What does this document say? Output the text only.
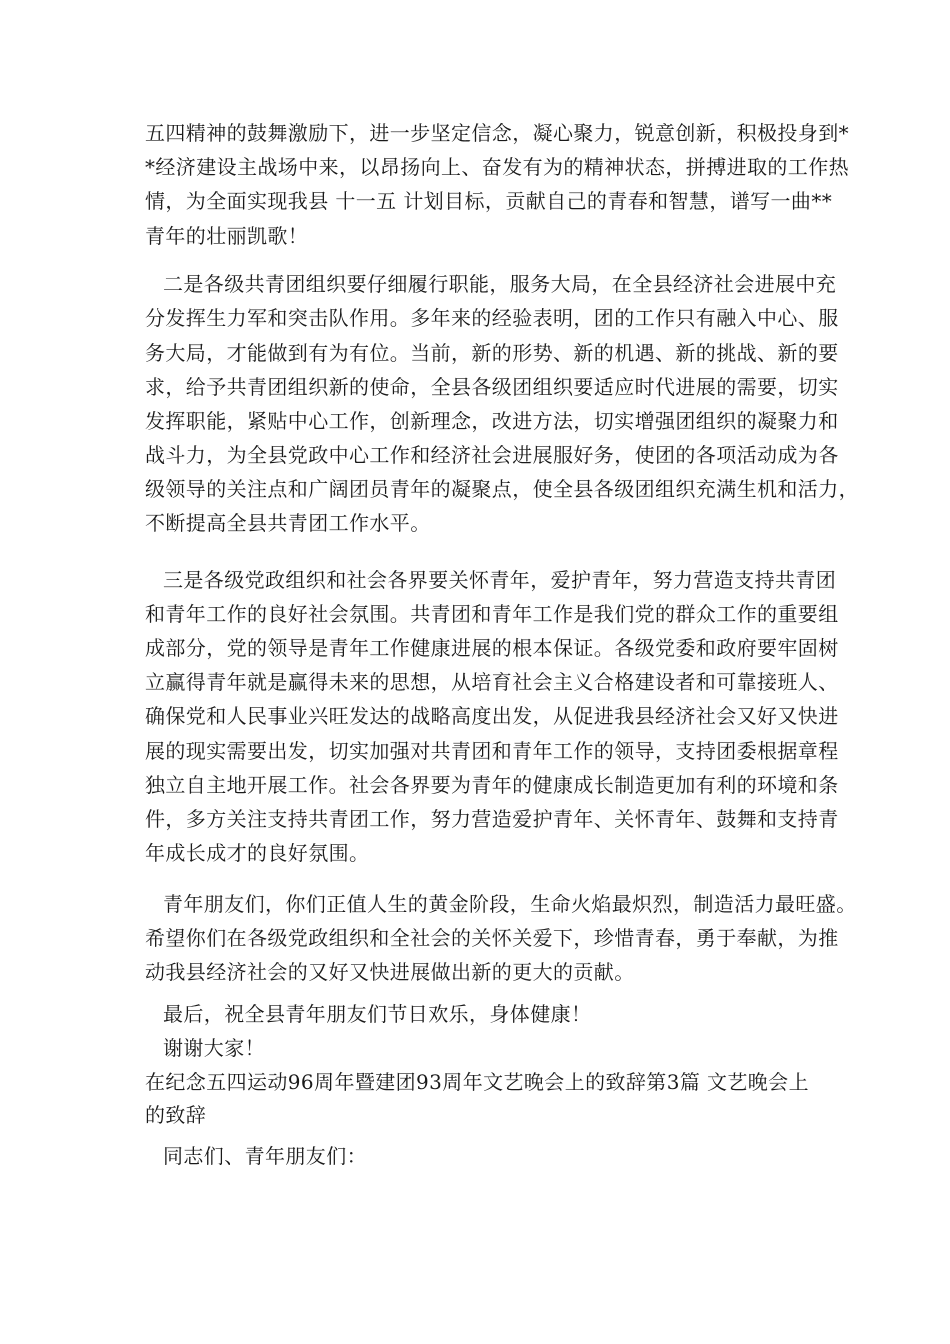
五四精神的鼓舞激励下，进一步坚定信念，凝心聚力，锐意创新，积极投身到*
*经济建设主战场中来，以昂扬向上、奋发有为的精神状态，拼搏进取的工作热
情，为全面实现我县 十一五 计划目标，贡献自己的青春和智慧，谱写一曲**
青年的壮丽凯歌！
二是各级共青团组织要仔细履行职能，服务大局，在全县经济社会进展中充
分发挥生力军和突击队作用。多年来的经验表明，团的工作只有融入中心、服
务大局，才能做到有为有位。当前，新的形势、新的机遇、新的挑战、新的要
求，给予共青团组织新的使命，全县各级团组织要适应时代进展的需要，切实
发挥职能，紧贴中心工作，创新理念，改进方法，切实增强团组织的凝聚力和
战斗力，为全县党政中心工作和经济社会进展服好务，使团的各项活动成为各
级领导的关注点和广阔团员青年的凝聚点，使全县各级团组织充满生机和活力，
不断提高全县共青团工作水平。
三是各级党政组织和社会各界要关怀青年，爱护青年，努力营造支持共青团
和青年工作的良好社会氛围。共青团和青年工作是我们党的群众工作的重要组
成部分，党的领导是青年工作健康进展的根本保证。各级党委和政府要牢固树
立赢得青年就是赢得未来的思想，从培育社会主义合格建设者和可靠接班人、
确保党和人民事业兴旺发达的战略高度出发，从促进我县经济社会又好又快进
展的现实需要出发，切实加强对共青团和青年工作的领导，支持团委根据章程
独立自主地开展工作。社会各界要为青年的健康成长制造更加有利的环境和条
件，多方关注支持共青团工作，努力营造爱护青年、关怀青年、鼓舞和支持青
年成长成才的良好氛围。
青年朋友们，你们正值人生的黄金阶段，生命火焰最炽烈，制造活力最旺盛。
希望你们在各级党政组织和全社会的关怀关爱下，珍惜青春，勇于奉献，为推
动我县经济社会的又好又快进展做出新的更大的贡献。
最后，祝全县青年朋友们节日欢乐，身体健康！
谢谢大家！
在纪念五四运动96周年暨建团93周年文艺晚会上的致辞第3篇 文艺晚会上
的致辞
同志们、青年朋友们：
